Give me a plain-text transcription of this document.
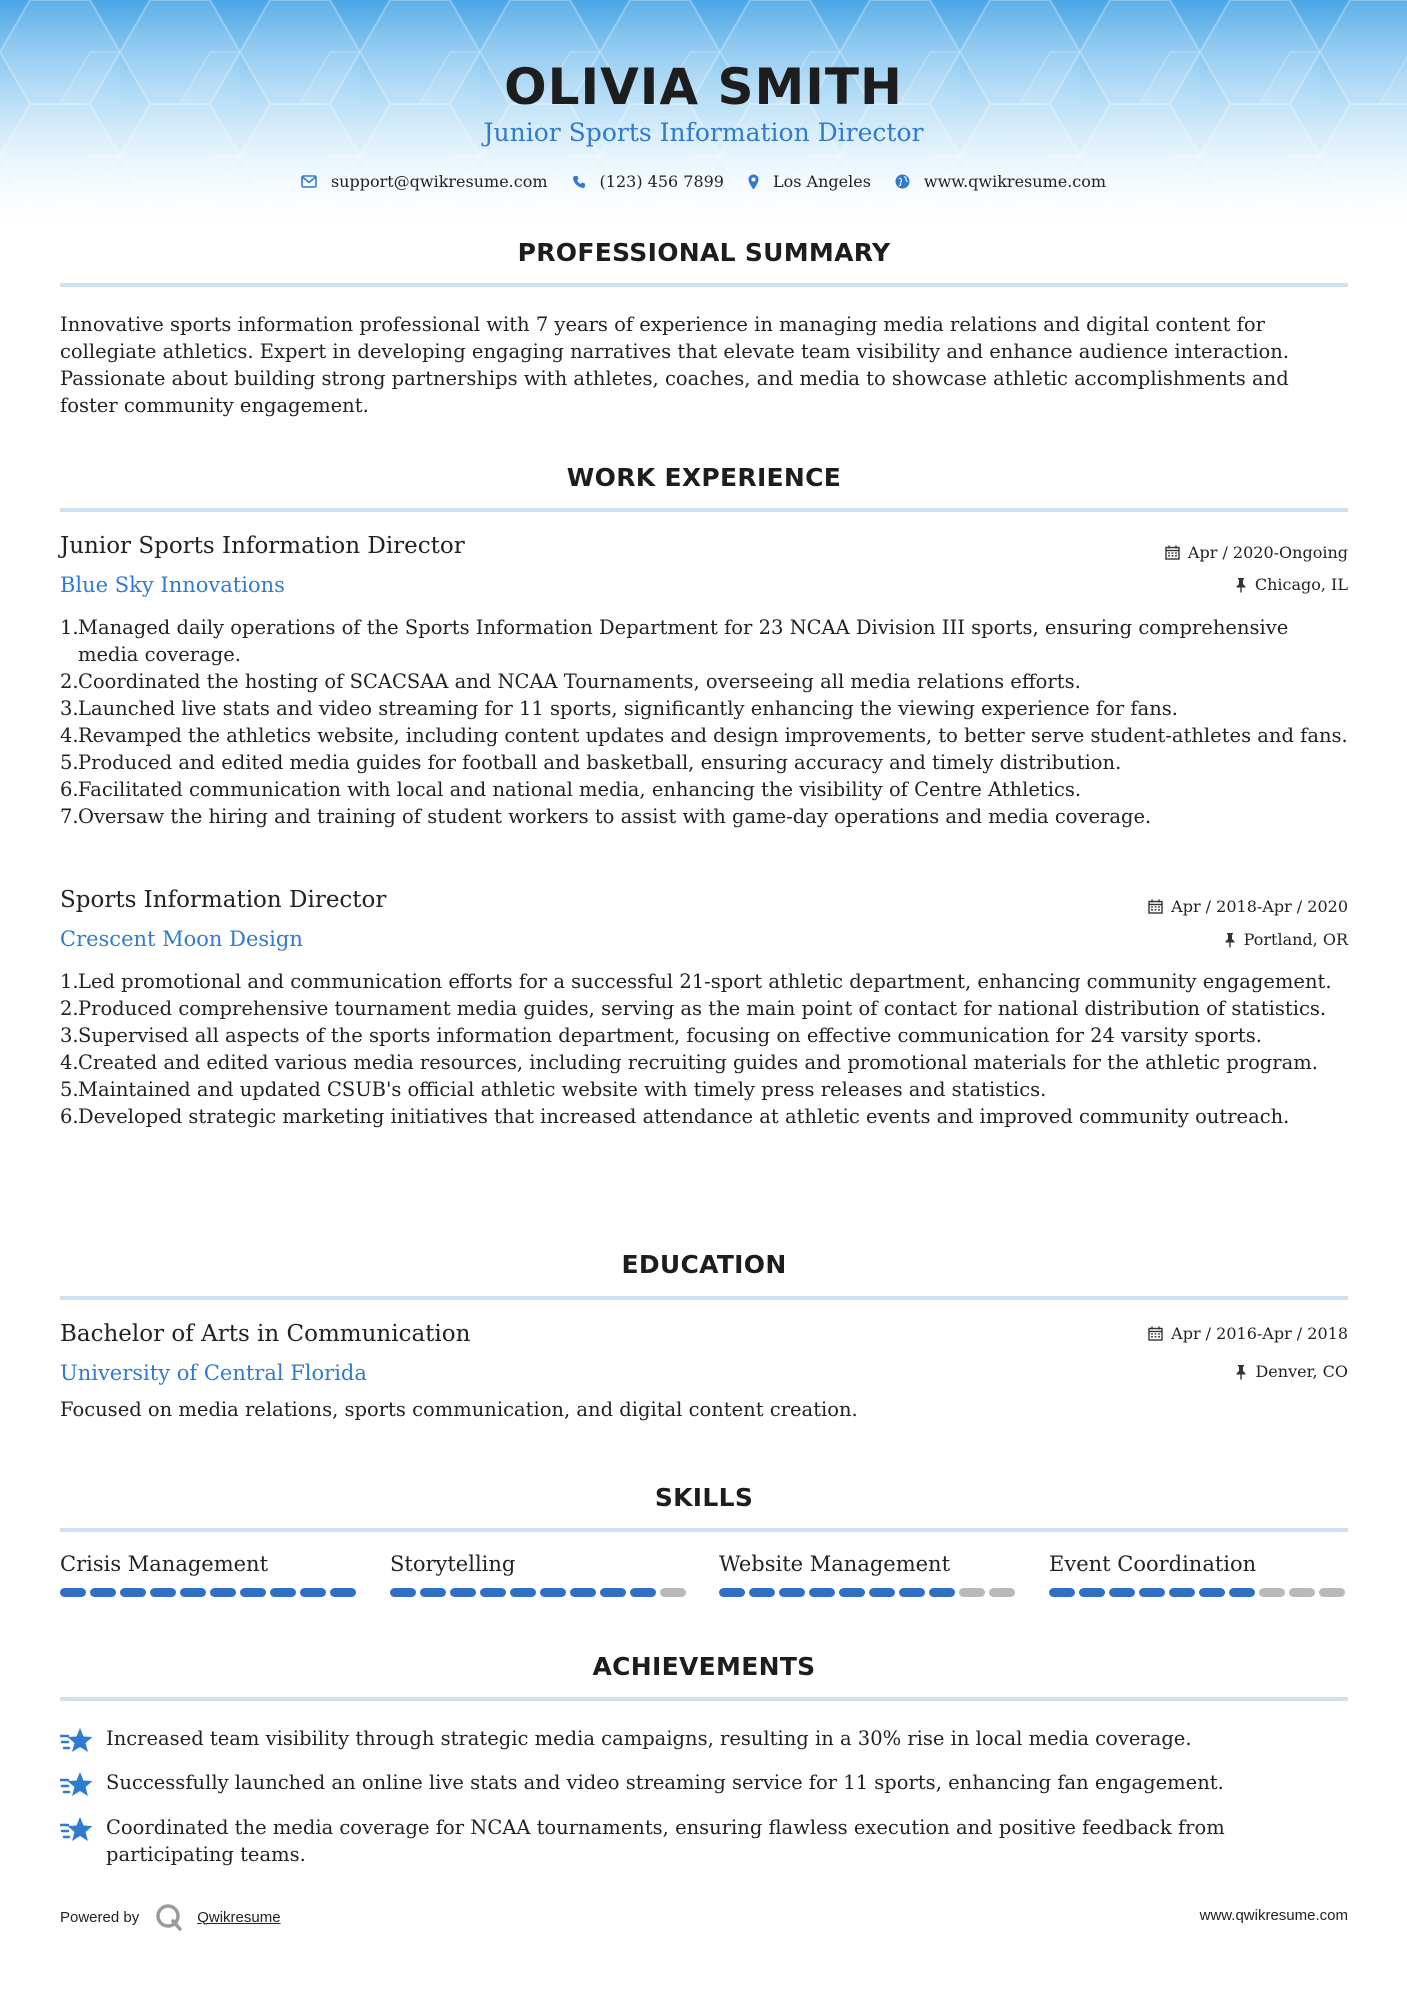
OLIVIA SMITH
Junior Sports Information Director
support@qwikresume.com	(123) 456 7899	Los Angeles	www.qwikresume.com
PROFESSIONAL SUMMARY
Innovative sports information professional with 7 years of experience in managing media relations and digital content for collegiate athletics. Expert in developing engaging narratives that elevate team visibility and enhance audience interaction. Passionate about building strong partnerships with athletes, coaches, and media to showcase athletic accomplishments and foster community engagement.
WORK EXPERIENCE
Junior Sports Information Director
Blue Sky Innovations
Apr / 2020-Ongoing
Chicago, IL
Managed daily operations of the Sports Information Department for 23 NCAA Division III sports, ensuring comprehensive media coverage.
Coordinated the hosting of SCACSAA and NCAA Tournaments, overseeing all media relations efforts.
Launched live stats and video streaming for 11 sports, significantly enhancing the viewing experience for fans.
Revamped the athletics website, including content updates and design improvements, to better serve student-athletes and fans.
Produced and edited media guides for football and basketball, ensuring accuracy and timely distribution.
Facilitated communication with local and national media, enhancing the visibility of Centre Athletics.
Oversaw the hiring and training of student workers to assist with game-day operations and media coverage.
Sports Information Director
Crescent Moon Design
Apr / 2018-Apr / 2020
Portland, OR
Led promotional and communication efforts for a successful 21-sport athletic department, enhancing community engagement.
Produced comprehensive tournament media guides, serving as the main point of contact for national distribution of statistics.
Supervised all aspects of the sports information department, focusing on effective communication for 24 varsity sports.
Created and edited various media resources, including recruiting guides and promotional materials for the athletic program.
Maintained and updated CSUB's official athletic website with timely press releases and statistics.
Developed strategic marketing initiatives that increased attendance at athletic events and improved community outreach.
EDUCATION
Bachelor of Arts in Communication
University of Central Florida
Apr / 2016-Apr / 2018
Denver, CO
Focused on media relations, sports communication, and digital content creation.
SKILLS
Crisis Management	Storytelling	Website Management	Event Coordination
ACHIEVEMENTS
Increased team visibility through strategic media campaigns, resulting in a 30% rise in local media coverage.
Successfully launched an online live stats and video streaming service for 11 sports, enhancing fan engagement.
Coordinated the media coverage for NCAA tournaments, ensuring flawless execution and positive feedback from participating teams.
Powered by	Qwikresume	www.qwikresume.com
